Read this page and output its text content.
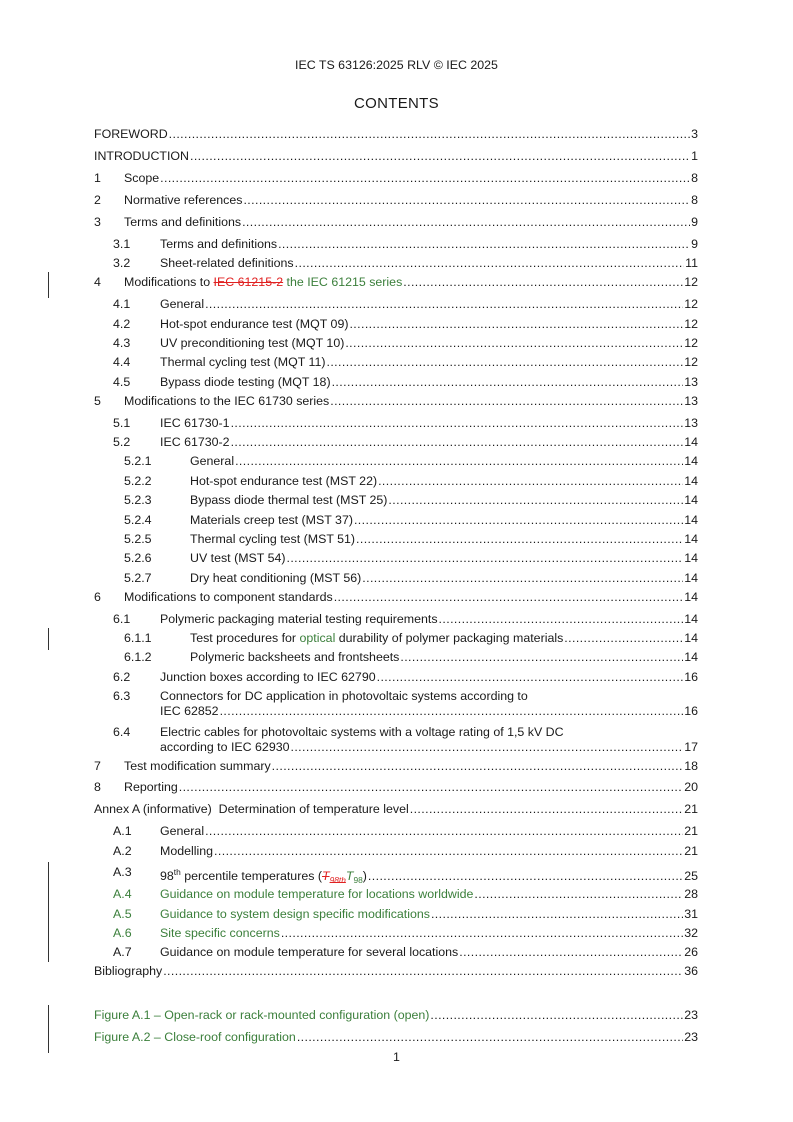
IEC TS 63126:2025 RLV © IEC 2025
CONTENTS
FOREWORD .....	3
INTRODUCTION .....	1
1 Scope .....	8
2 Normative references .....	8
3 Terms and definitions .....	9
3.1 Terms and definitions .....	9
3.2 Sheet-related definitions .....	11
4 Modifications to IEC 61215-2 the IEC 61215 series .....	12
4.1 General .....	12
4.2 Hot-spot endurance test (MQT 09) .....	12
4.3 UV preconditioning test (MQT 10) .....	12
4.4 Thermal cycling test (MQT 11) .....	12
4.5 Bypass diode testing (MQT 18) .....	13
5 Modifications to the IEC 61730 series .....	13
5.1 IEC 61730-1 .....	13
5.2 IEC 61730-2 .....	14
5.2.1	General .....	14
5.2.2	Hot-spot endurance test (MST 22) .....	14
5.2.3	Bypass diode thermal test (MST 25) .....	14
5.2.4	Materials creep test (MST 37) .....	14
5.2.5	Thermal cycling test (MST 51) .....	14
5.2.6	UV test (MST 54) .....	14
5.2.7	Dry heat conditioning (MST 56) .....	14
6 Modifications to component standards .....	14
6.1 Polymeric packaging material testing requirements .....	14
6.1.1	Test procedures for optical durability of polymer packaging materials .....	14
6.1.2	Polymeric backsheets and frontsheets .....	14
6.2 Junction boxes according to IEC 62790 .....	16
6.3 Connectors for DC application in photovoltaic systems according to
IEC 62852 .....	16
6.4 Electric cables for photovoltaic systems with a voltage rating of 1,5 kV DC
according to IEC 62930 .....	17
7 Test modification summary .....	18
8 Reporting .....	20
Annex A (informative)  Determination of temperature level .....	21
A.1 General .....	21
A.2 Modelling .....	21
A.3 98th percentile temperatures $(T_{98th}T_{98})$ .....	25
A.4 Guidance on module temperature for locations worldwide .....	28
A.5 Guidance to system design specific modifications .....	31
A.6 Site specific concerns .....	32
A.7 Guidance on module temperature for several locations .....	26
Bibliography .....	36
Figure A.1 – Open-rack or rack-mounted configuration (open) .....	23
Figure A.2 – Close-roof configuration .....	23
1
